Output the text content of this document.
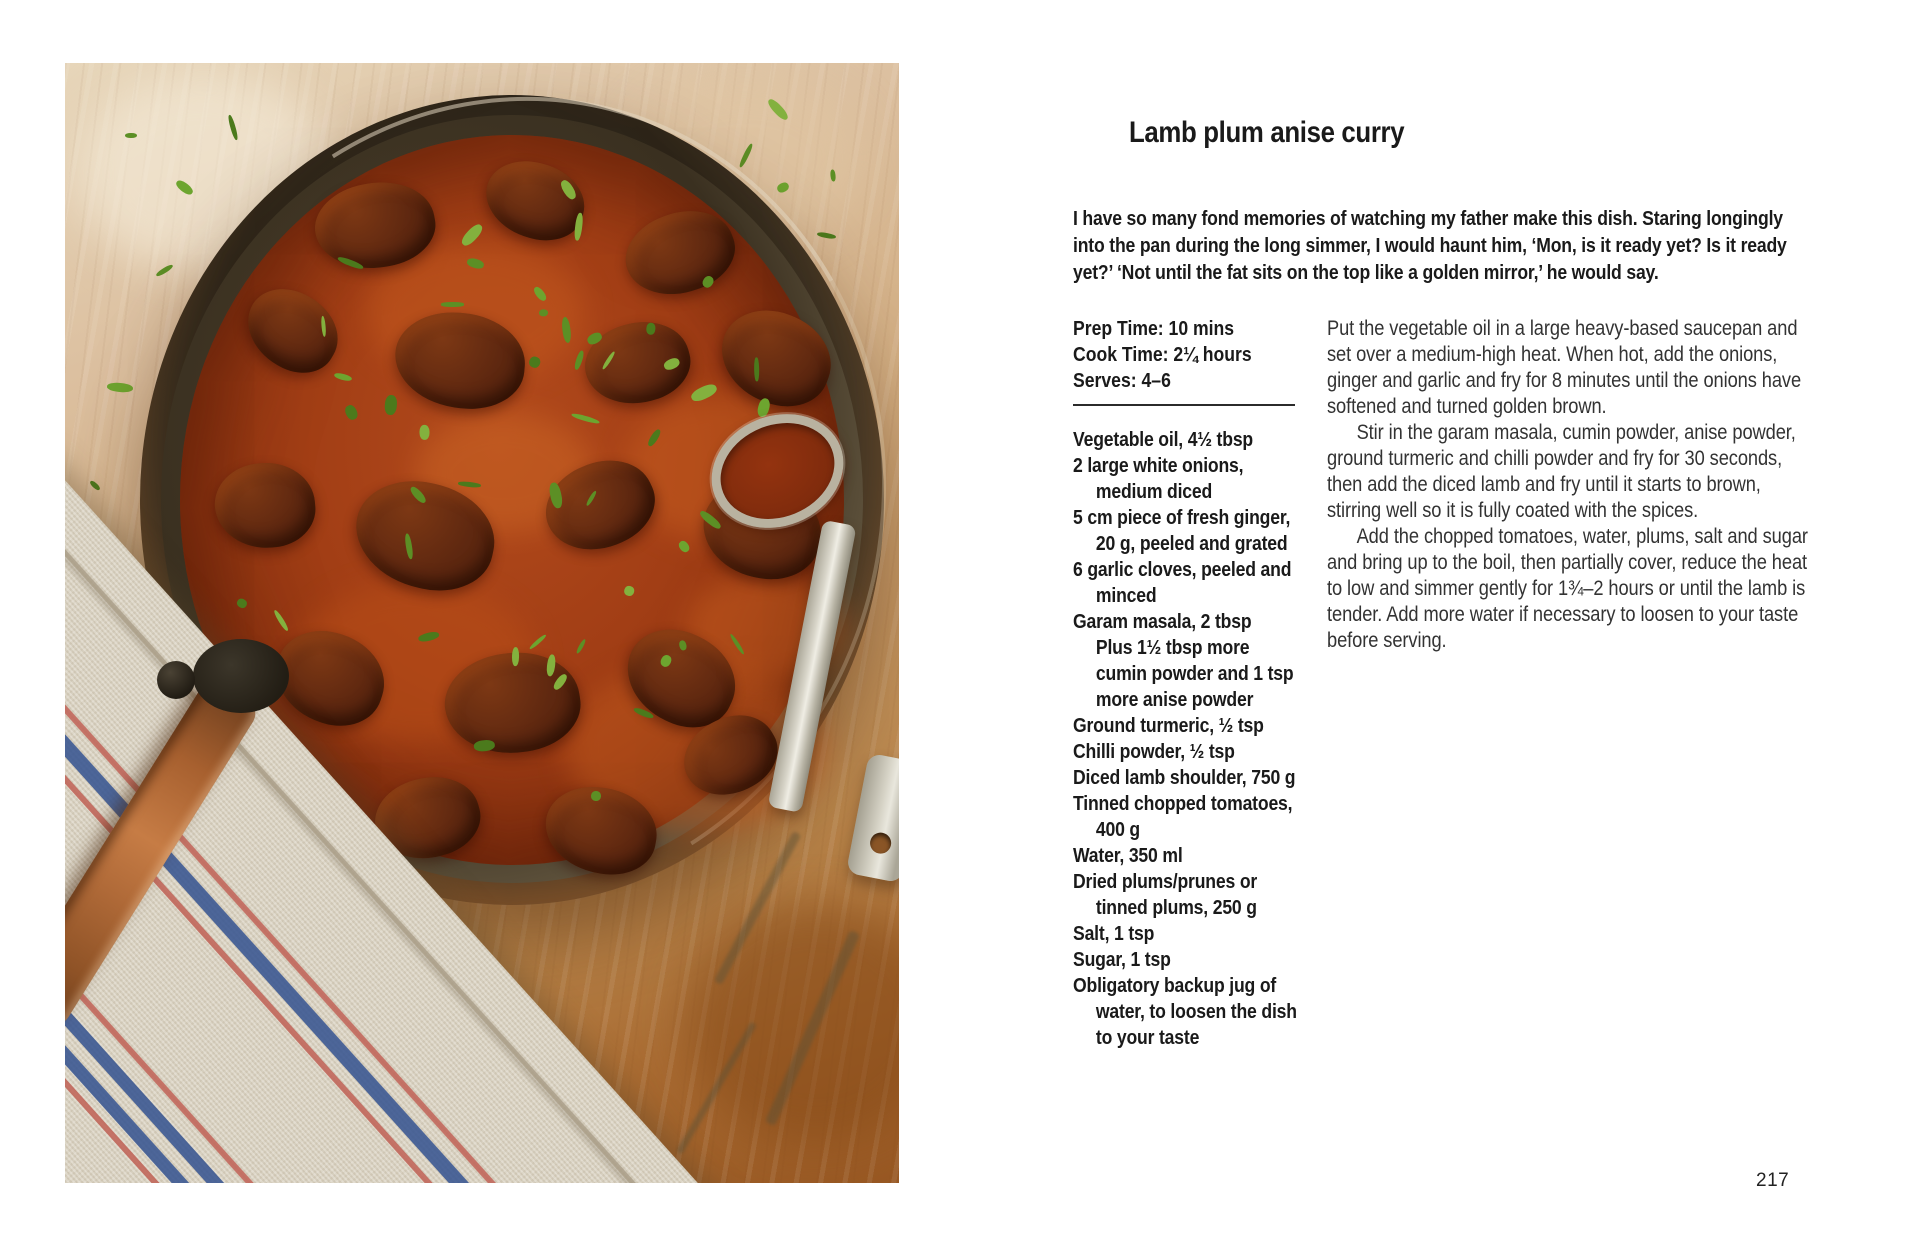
Lamb plum anise curry

I have so many fond memories of watching my father make this dish. Staring longingly into the pan during the long simmer, I would haunt him, ‘Mon, is it ready yet? Is it ready yet?’ ‘Not until the fat sits on the top like a golden mirror,’ he would say.

Prep Time: 10 mins
Cook Time: 2¼ hours
Serves: 4–6
Vegetable oil, 4½ tbsp
2 large white onions, medium diced
5 cm piece of fresh ginger, 20 g, peeled and grated
6 garlic cloves, peeled and minced
Garam masala, 2 tbsp
Plus 1½ tbsp more cumin powder and 1 tsp more anise powder
Ground turmeric, ½ tsp
Chilli powder, ½ tsp
Diced lamb shoulder, 750 g
Tinned chopped tomatoes, 400 g
Water, 350 ml
Dried plums/prunes or tinned plums, 250 g
Salt, 1 tsp
Sugar, 1 tsp
Obligatory backup jug of water, to loosen the dish to your taste

Put the vegetable oil in a large heavy-based saucepan and set over a medium-high heat. When hot, add the onions, ginger and garlic and fry for 8 minutes until the onions have softened and turned golden brown.

Stir in the garam masala, cumin powder, anise powder, ground turmeric and chilli powder and fry for 30 seconds, then add the diced lamb and fry until it starts to brown, stirring well so it is fully coated with the spices.

Add the chopped tomatoes, water, plums, salt and sugar and bring up to the boil, then partially cover, reduce the heat to low and simmer gently for 1¾–2 hours or until the lamb is tender. Add more water if necessary to loosen to your taste before serving.

217
